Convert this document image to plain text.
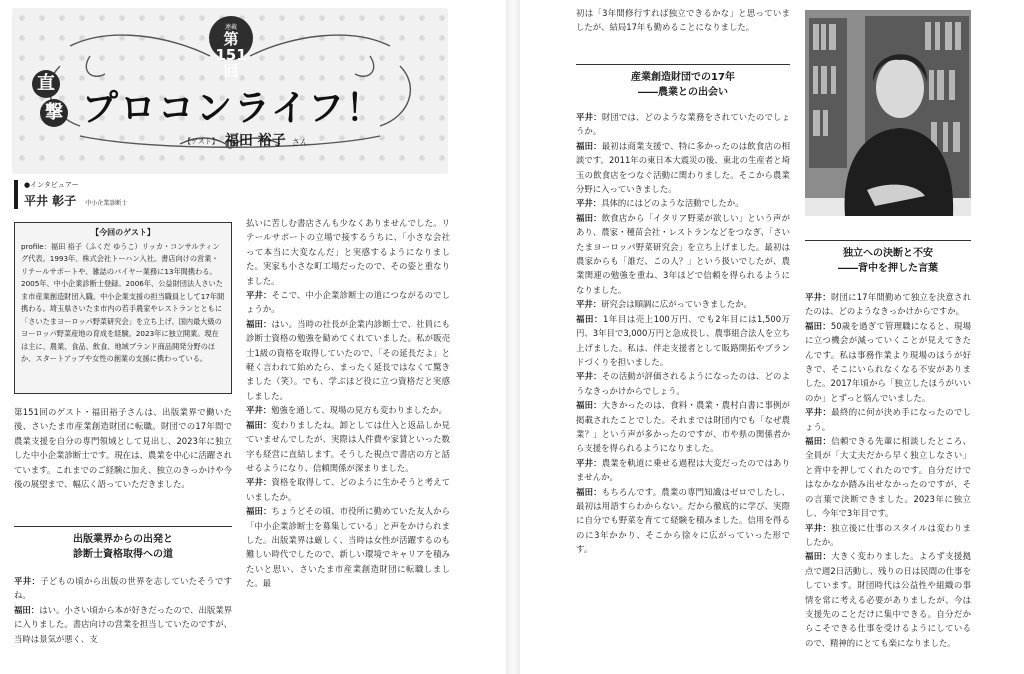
連載
第151回
直
撃 プロコンライフ！
【ゲスト】 福田 裕子 さん
●インタビュアー
平井 彰子 中小企業診断士
【今回のゲスト】
profile：福田 裕子（ふくだ ゆうこ）リッカ・コンサルティング代表。1993年、株式会社トーハン入社。書店向けの営業・リテールサポートや、雑誌のバイヤー業務に13年間携わる。2005年、中小企業診断士登録。2006年、公益財団法人さいたま市産業創造財団入職。中小企業支援の担当職員として17年間携わる。埼玉県さいたま市内の若手農家やレストランとともに「さいたまヨーロッパ野菜研究会」を立ち上げ、国内最大級のヨーロッパ野菜産地の育成を経験。2023年に独立開業。現在は主に、農業、食品、飲食、地域ブランド商品開発分野のほか、スタートアップや女性の創業の支援に携わっている。

第151回のゲスト・福田裕子さんは、出版業界で働いた後、さいたま市産業創造財団に転職。財団での17年間で農業支援を自分の専門領域として見出し、2023年に独立した中小企業診断士です。現在は、農業を中心に活躍されています。これまでのご経験に加え、独立のきっかけや今後の展望まで、幅広く語っていただきました。

出版業界からの出発と
診断士資格取得への道

平井：子どもの頃から出版の世界を志していたそうですね。

福田：はい。小さい頃から本が好きだったので、出版業界に入りました。書店向けの営業を担当していたのですが、当時は景気が悪く、支

払いに苦しむ書店さんも少なくありませんでした。リテールサポートの立場で接するうちに、「小さな会社って本当に大変なんだ」と実感するようになりました。実家も小さな町工場だったので、その姿と重なりました。

平井：そこで、中小企業診断士の道につながるのでしょうか。

福田：はい。当時の社長が企業内診断士で、社員にも診断士資格の勉強を勧めてくれていました。私が販売士1級の資格を取得していたので、「その延長だよ」と軽く言われて始めたら、まったく延長ではなくて驚きました（笑）。でも、学ぶほど役に立つ資格だと実感しました。

平井：勉強を通して、現場の見方も変わりましたか。

福田：変わりましたね。卸としては仕入と返品しか見ていませんでしたが、実際は人件費や家賃といった数字も経営に直結します。そうした視点で書店の方と話せるようになり、信頼関係が深まりました。

平井：資格を取得して、どのように生かそうと考えていましたか。

福田：ちょうどその頃、市役所に勤めていた友人から「中小企業診断士を募集している」と声をかけられました。出版業界は厳しく、当時は女性が活躍するのも難しい時代でしたので、新しい環境でキャリアを積みたいと思い、さいたま市産業創造財団に転職しました。最

初は「3年間修行すれば独立できるかな」と思っていましたが、結局17年も勤めることになりました。

産業創造財団での17年
――農業との出会い

平井：財団では、どのような業務をされていたのでしょうか。

福田：最初は商業支援で、特に多かったのは飲食店の相談です。2011年の東日本大震災の後、東北の生産者と埼玉の飲食店をつなぐ活動に関わりました。そこから農業分野に入っていきました。

平井：具体的にはどのような活動でしたか。

福田：飲食店から「イタリア野菜が欲しい」という声があり、農家・種苗会社・レストランなどをつなぎ、「さいたまヨーロッパ野菜研究会」を立ち上げました。最初は農家からも「誰だ、この人？」という扱いでしたが、農業関連の勉強を重ね、3年ほどで信頼を得られるようになりました。

平井：研究会は順調に広がっていきましたか。

福田：1年目は売上100万円、でも2年目には1,500万円、3年目で3,000万円と急成長し、農事組合法人を立ち上げました。私は、伴走支援者として販路開拓やブランドづくりを担いました。

平井：その活動が評価されるようになったのは、どのようなきっかけからでしょう。

福田：大きかったのは、食料・農業・農村白書に事例が掲載されたことでした。それまでは財団内でも「なぜ農業？」という声が多かったのですが、市や県の関係者から支援を得られるようになりました。

平井：農業を軌道に乗せる過程は大変だったのではありませんか。

福田：もちろんです。農業の専門知識はゼロでしたし、最初は用語すらわからない。だから徹底的に学び、実際に自分でも野菜を育てて経験を積みました。信用を得るのに3年かかり、そこから徐々に広がっていった形です。

独立への決断と不安
――背中を押した言葉

平井：財団に17年間勤めて独立を決意されたのは、どのようなきっかけからですか。

福田：50歳を過ぎて管理職になると、現場に立つ機会が減っていくことが見えてきたんです。私は事務作業より現場のほうが好きで、そこにいられなくなる不安がありました。2017年頃から「独立したほうがいいのか」とずっと悩んでいました。

平井：最終的に何が決め手になったのでしょう。

福田：信頼できる先輩に相談したところ、全員が「大丈夫だから早く独立しなさい」と背中を押してくれたのです。自分だけではなかなか踏み出せなかったのですが、その言葉で決断できました。2023年に独立し、今年で3年目です。

平井：独立後に仕事のスタイルは変わりましたか。

福田：大きく変わりました。よろず支援拠点で週2日活動し、残りの日は民間の仕事をしています。財団時代は公益性や組織の事情を常に考える必要がありましたが、今は支援先のことだけに集中できる。自分だからこそできる仕事を受けるようにしているので、精神的にとても楽になりました。
